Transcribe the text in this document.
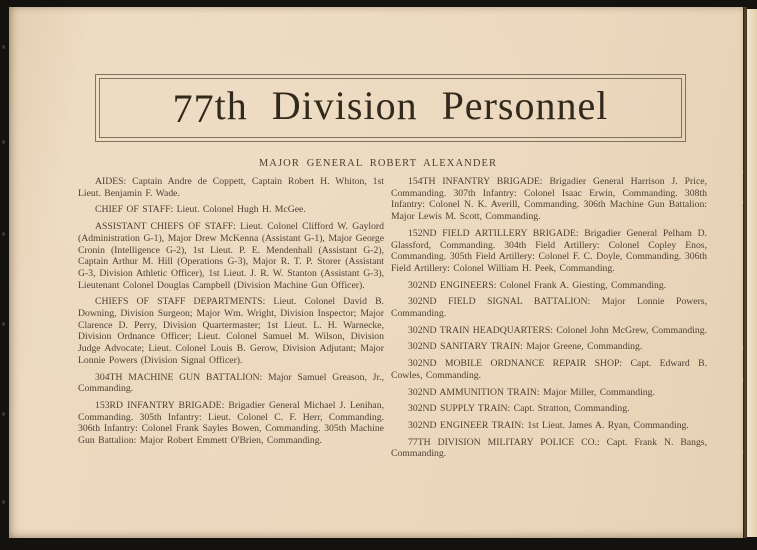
77th Division Personnel
MAJOR GENERAL ROBERT ALEXANDER

AIDES: Captain Andre de Coppett, Captain Robert H. Whiton, 1st Lieut. Benjamin F. Wade.

CHIEF OF STAFF: Lieut. Colonel Hugh H. McGee.

ASSISTANT CHIEFS OF STAFF: Lieut. Colonel Clifford W. Gaylord (Administration G-1), Major Drew McKenna (Assistant G-1), Major George Cronin (Intelligence G-2), 1st Lieut. P. E. Mendenhall (Assistant G-2), Captain Arthur M. Hill (Operations G-3), Major R. T. P. Storer (Assistant G-3, Division Athletic Officer), 1st Lieut. J. R. W. Stanton (Assistant G-3), Lieutenant Colonel Douglas Campbell (Division Machine Gun Officer).

CHIEFS OF STAFF DEPARTMENTS: Lieut. Colonel David B. Downing, Division Surgeon; Major Wm. Wright, Division Inspector; Major Clarence D. Perry, Division Quartermaster; 1st Lieut. L. H. Warnecke, Division Ordnance Officer; Lieut. Colonel Samuel M. Wilson, Division Judge Advocate; Lieut. Colonel Louis B. Gerow, Division Adjutant; Major Lonnie Powers (Division Signal Officer).

304TH MACHINE GUN BATTALION: Major Samuel Greason, Jr., Commanding.

153RD INFANTRY BRIGADE: Brigadier General Michael J. Lenihan, Commanding. 305th Infantry: Lieut. Colonel C. F. Herr, Commanding. 306th Infantry: Colonel Frank Sayles Bowen, Commanding. 305th Machine Gun Battalion: Major Robert Emmett O'Brien, Commanding.

154TH INFANTRY BRIGADE: Brigadier General Harrison J. Price, Commanding. 307th Infantry: Colonel Isaac Erwin, Commanding. 308th Infantry: Colonel N. K. Averill, Commanding. 306th Machine Gun Battalion: Major Lewis M. Scott, Commanding.

152ND FIELD ARTILLERY BRIGADE: Brigadier General Pelham D. Glassford, Commanding. 304th Field Artillery: Colonel Copley Enos, Commanding. 305th Field Artillery: Colonel F. C. Doyle, Commanding. 306th Field Artillery: Colonel William H. Peek, Commanding.

302ND ENGINEERS: Colonel Frank A. Giesting, Commanding.

302ND FIELD SIGNAL BATTALION: Major Lonnie Powers, Commanding.

302ND TRAIN HEADQUARTERS: Colonel John McGrew, Commanding.

302ND SANITARY TRAIN: Major Greene, Commanding.

302ND MOBILE ORDNANCE REPAIR SHOP: Capt. Edward B. Cowles, Commanding.

302ND AMMUNITION TRAIN: Major Miller, Commanding.

302ND SUPPLY TRAIN: Capt. Stratton, Commanding.

302ND ENGINEER TRAIN: 1st Lieut. James A. Ryan, Commanding.

77TH DIVISION MILITARY POLICE CO.: Capt. Frank N. Bangs, Commanding.
